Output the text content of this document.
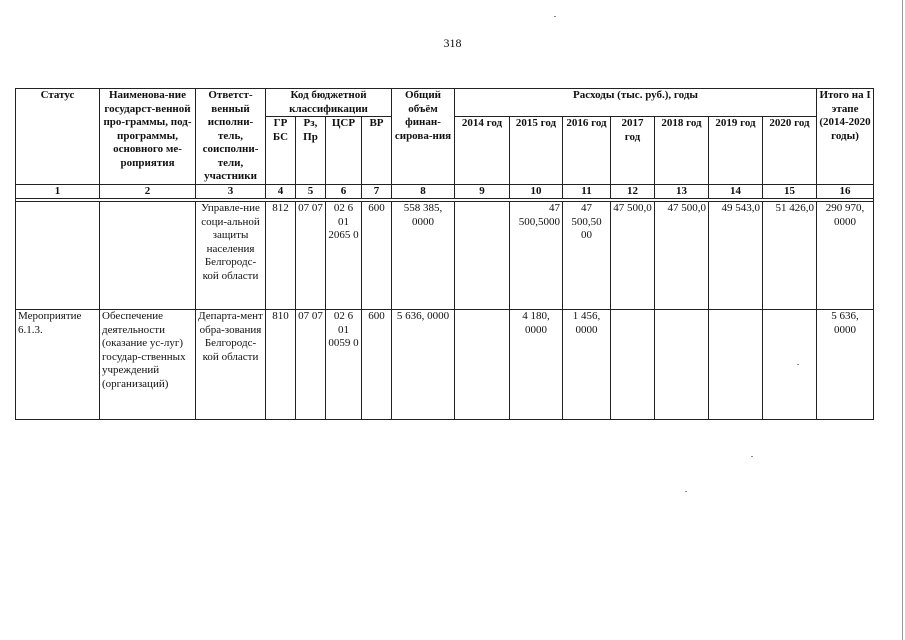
318
Статус	Наименова-ние государст-венной про-граммы, под-программы, основного ме-роприятия	Ответст-венный исполни-тель, соисполни-тели, участники	Код бюджетной классификации				Общий объём финан-сирова-ния	Расходы (тыс. руб.), годы							Итого на I этапе (2014-2020 годы)
			ГР БС	Рз, Пр	ЦСР	ВР		2014 год	2015 год	2016 год	2017 год	2018 год	2019 год	2020 год	
1	2	3	4	5	6	7	8	9	10	11	12	13	14	15	16

		Управле-ние соци-альной защиты населения Белгородс-кой области	812	07 07	02 6 01 2065 0	600	558 385, 0000		47 500,5000	47 500,50 00	47 500,0	47 500,0	49 543,0	51 426,0	290 970, 0000
Мероприятие 6.1.3.	Обеспечение деятельности (оказание ус-луг) государ-ственных учреждений (организаций)	Департа-мент обра-зования Белгородс-кой области	810	07 07	02 6 01 0059 0	600	5 636, 0000		4 180, 0000	1 456, 0000					5 636, 0000
